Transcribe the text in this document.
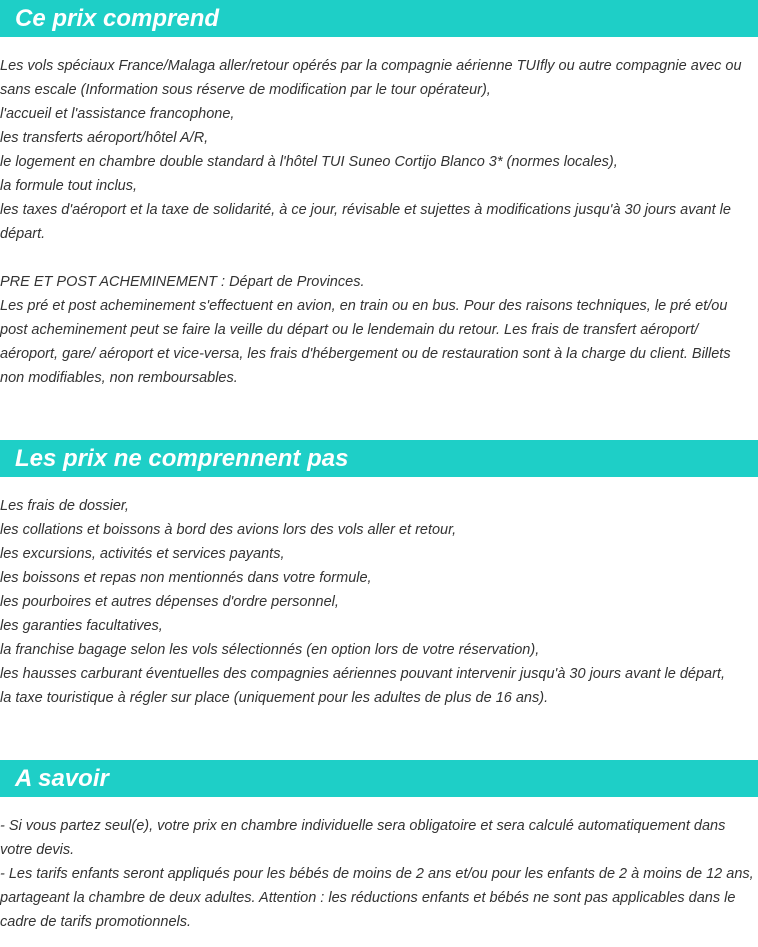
Ce prix comprend

Les vols spéciaux France/Malaga aller/retour opérés par la compagnie aérienne TUIfly ou autre compagnie avec ou sans escale (Information sous réserve de modification par le tour opérateur),

l'accueil et l'assistance francophone,

les transferts aéroport/hôtel A/R,

le logement en chambre double standard à l'hôtel TUI Suneo Cortijo Blanco 3* (normes locales),

la formule tout inclus,

les taxes d'aéroport et la taxe de solidarité, à ce jour, révisable et sujettes à modifications jusqu'à 30 jours avant le départ.

PRE ET POST ACHEMINEMENT : Départ de Provinces.

Les pré et post acheminement s'effectuent en avion, en train ou en bus. Pour des raisons techniques, le pré et/ou post acheminement peut se faire la veille du départ ou le lendemain du retour. Les frais de transfert aéroport/ aéroport, gare/ aéroport et vice-versa, les frais d'hébergement ou de restauration sont à la charge du client. Billets non modifiables, non remboursables.

Les prix ne comprennent pas

Les frais de dossier,

les collations et boissons à bord des avions lors des vols aller et retour,

les excursions, activités et services payants,

les boissons et repas non mentionnés dans votre formule,

les pourboires et autres dépenses d'ordre personnel,

les garanties facultatives,

la franchise bagage selon les vols sélectionnés (en option lors de votre réservation),

les hausses carburant éventuelles des compagnies aériennes pouvant intervenir jusqu'à 30 jours avant le départ,

la taxe touristique à régler sur place (uniquement pour les adultes de plus de 16 ans).

A savoir

- Si vous partez seul(e), votre prix en chambre individuelle sera obligatoire et sera calculé automatiquement dans votre devis.

- Les tarifs enfants seront appliqués pour les bébés de moins de 2 ans et/ou pour les enfants de 2 à moins de 12 ans, partageant la chambre de deux adultes. Attention : les réductions enfants et bébés ne sont pas applicables dans le cadre de tarifs promotionnels.
